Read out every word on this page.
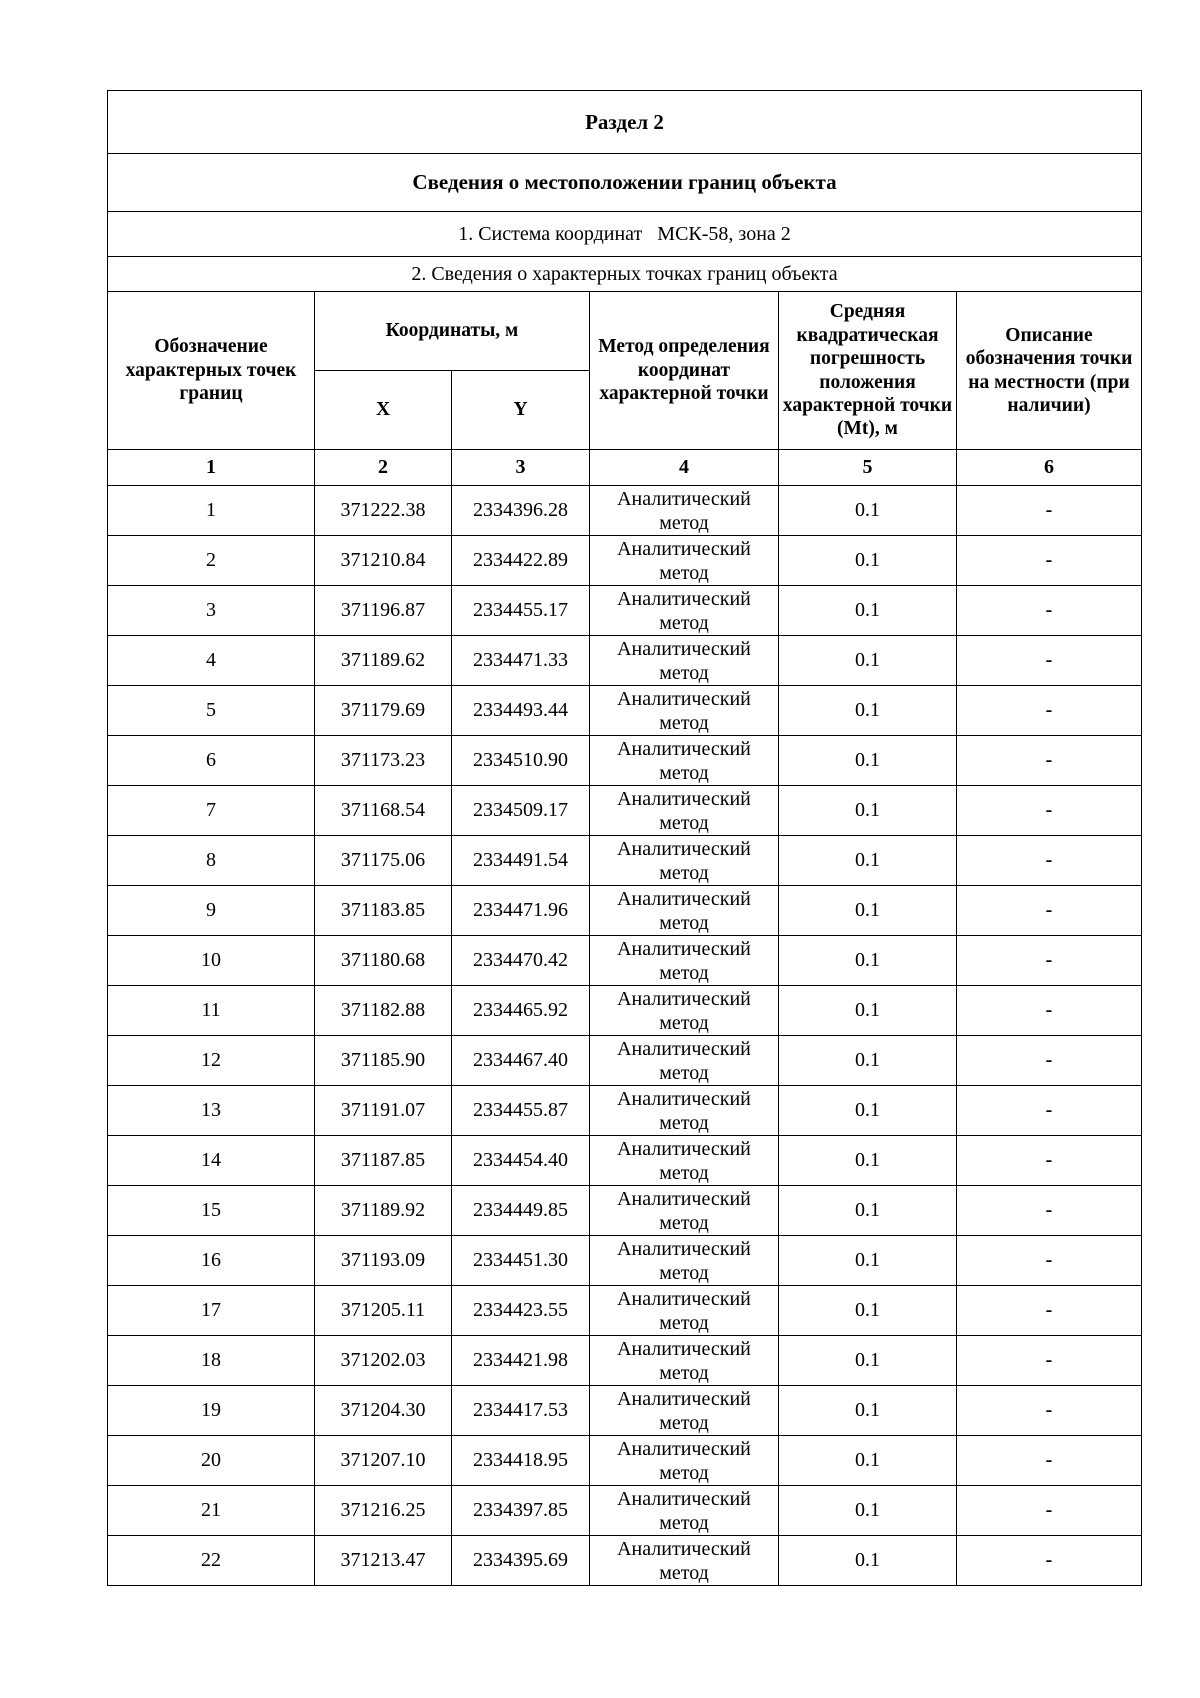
Раздел 2					
Сведения о местоположении границ объекта					
1. Система координат МСК-58, зона 2					
2. Сведения о характерных точках границ объекта					
Обозначение характерных точек границ	Координаты, м		Метод определения координат характерной точки	Средняя квадратическая погрешность положения характерной точки (Mt), м	Описание обозначения точки на местности (при наличии)
	X	Y			
1	2	3	4	5	6
1	371222.38	2334396.28	Аналитический метод	0.1	-
2	371210.84	2334422.89	Аналитический метод	0.1	-
3	371196.87	2334455.17	Аналитический метод	0.1	-
4	371189.62	2334471.33	Аналитический метод	0.1	-
5	371179.69	2334493.44	Аналитический метод	0.1	-
6	371173.23	2334510.90	Аналитический метод	0.1	-
7	371168.54	2334509.17	Аналитический метод	0.1	-
8	371175.06	2334491.54	Аналитический метод	0.1	-
9	371183.85	2334471.96	Аналитический метод	0.1	-
10	371180.68	2334470.42	Аналитический метод	0.1	-
11	371182.88	2334465.92	Аналитический метод	0.1	-
12	371185.90	2334467.40	Аналитический метод	0.1	-
13	371191.07	2334455.87	Аналитический метод	0.1	-
14	371187.85	2334454.40	Аналитический метод	0.1	-
15	371189.92	2334449.85	Аналитический метод	0.1	-
16	371193.09	2334451.30	Аналитический метод	0.1	-
17	371205.11	2334423.55	Аналитический метод	0.1	-
18	371202.03	2334421.98	Аналитический метод	0.1	-
19	371204.30	2334417.53	Аналитический метод	0.1	-
20	371207.10	2334418.95	Аналитический метод	0.1	-
21	371216.25	2334397.85	Аналитический метод	0.1	-
22	371213.47	2334395.69	Аналитический метод	0.1	-
